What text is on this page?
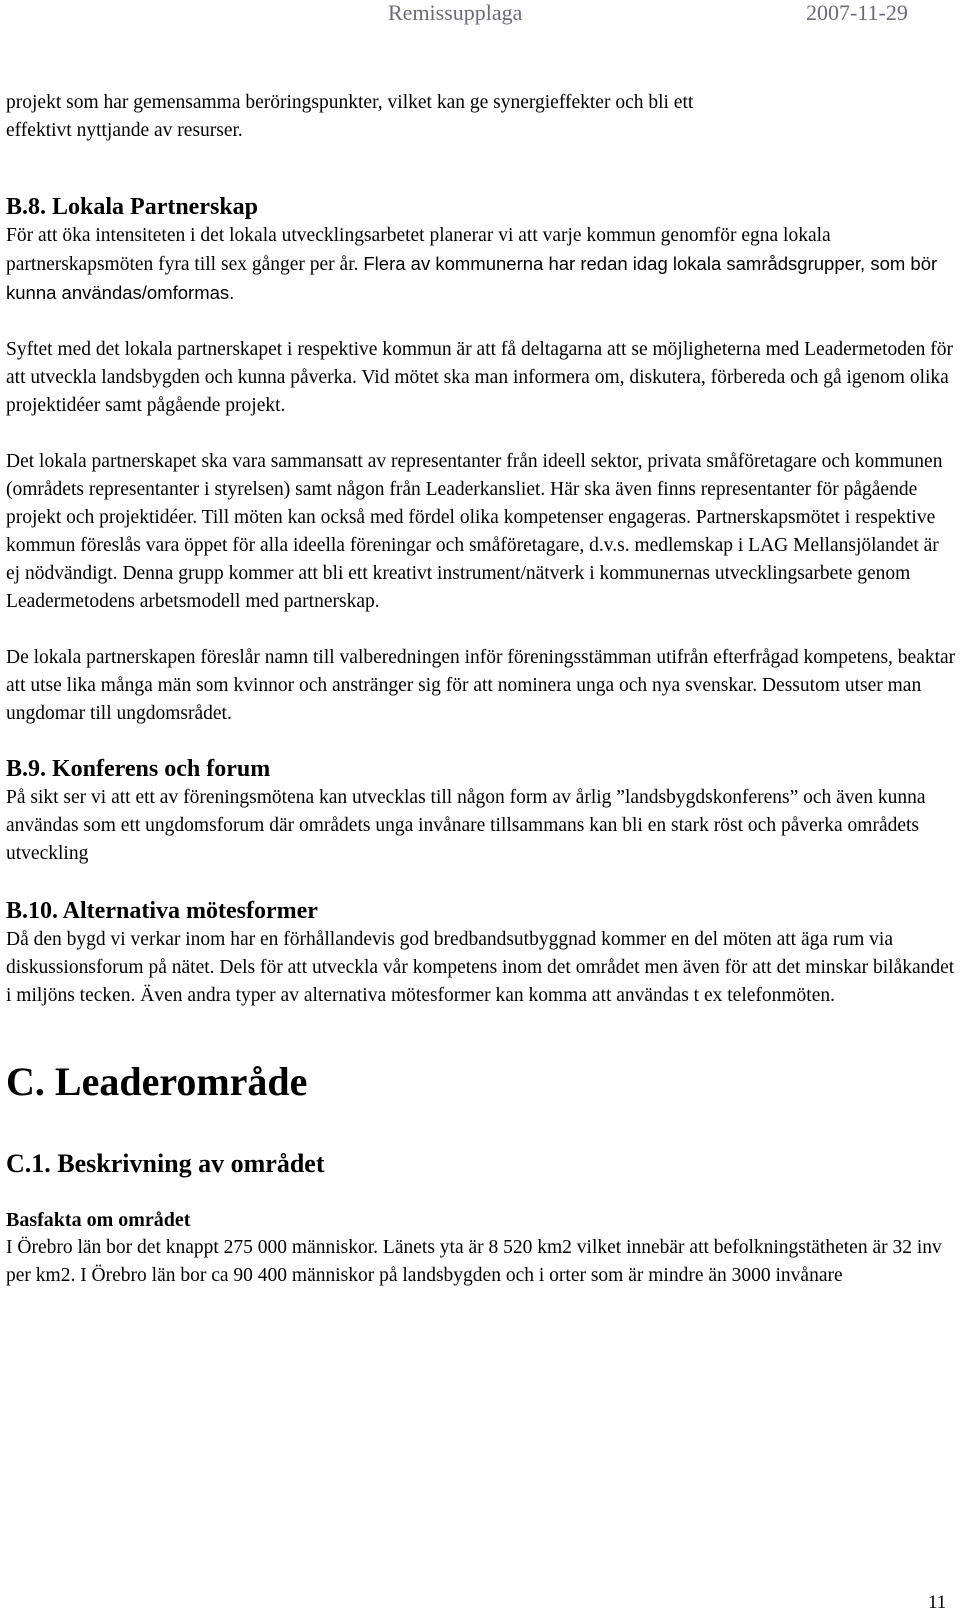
Remissupplaga	2007-11-29

projekt som har gemensamma beröringspunkter, vilket kan ge synergieffekter och bli ett
effektivt nyttjande av resurser.

B.8. Lokala Partnerskap

För att öka intensiteten i det lokala utvecklingsarbetet planerar vi att varje kommun genomför egna lokala partnerskapsmöten fyra till sex gånger per år. Flera av kommunerna har redan idag lokala samrådsgrupper, som bör kunna användas/omformas.

Syftet med det lokala partnerskapet i respektive kommun är att få deltagarna att se möjligheterna med Leadermetoden för att utveckla landsbygden och kunna påverka. Vid mötet ska man informera om, diskutera, förbereda och gå igenom olika projektidéer samt pågående projekt.

Det lokala partnerskapet ska vara sammansatt av representanter från ideell sektor, privata småföretagare och kommunen (områdets representanter i styrelsen) samt någon från Leaderkansliet. Här ska även finns representanter för pågående projekt och projektidéer. Till möten kan också med fördel olika kompetenser engageras. Partnerskapsmötet i respektive kommun föreslås vara öppet för alla ideella föreningar och småföretagare, d.v.s. medlemskap i LAG Mellansjölandet är ej nödvändigt. Denna grupp kommer att bli ett kreativt instrument/nätverk i kommunernas utvecklingsarbete genom Leadermetodens arbetsmodell med partnerskap.

De lokala partnerskapen föreslår namn till valberedningen inför föreningsstämman utifrån efterfrågad kompetens, beaktar att utse lika många män som kvinnor och anstränger sig för att nominera unga och nya svenskar. Dessutom utser man ungdomar till ungdomsrådet.

B.9. Konferens och forum

På sikt ser vi att ett av föreningsmötena kan utvecklas till någon form av årlig ”landsbygdskonferens” och även kunna användas som ett ungdomsforum där områdets unga invånare tillsammans kan bli en stark röst och påverka områdets utveckling

B.10. Alternativa mötesformer

Då den bygd vi verkar inom har en förhållandevis god bredbandsutbyggnad kommer en del möten att äga rum via diskussionsforum på nätet. Dels för att utveckla vår kompetens inom det området men även för att det minskar bilåkandet i miljöns tecken. Även andra typer av alternativa mötesformer kan komma att användas t ex telefonmöten.

C. Leaderområde
C.1. Beskrivning av området
Basfakta om området

I Örebro län bor det knappt 275 000 människor. Länets yta är 8 520 km2 vilket innebär att befolkningstätheten är 32 inv per km2. I Örebro län bor ca 90 400 människor på landsbygden och i orter som är mindre än 3000 invånare

11
